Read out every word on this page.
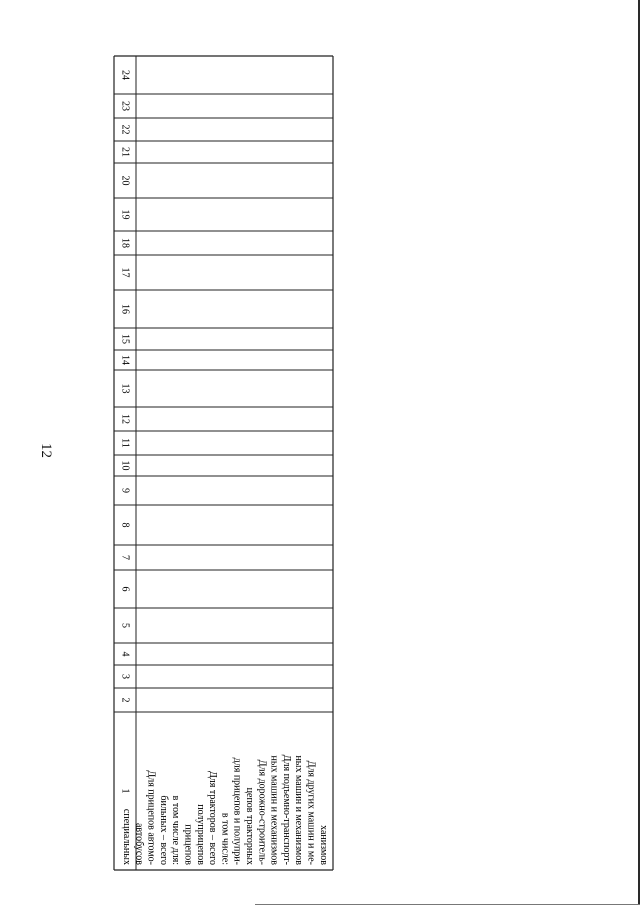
12
1
2
3
4
5
6
7
8
9
10
11
12
13
14
15
16
17
18
19
20
21
22
23
24
специальных автобусов Для прицепов автомо- бильных – всего в том числе для: прицепов полуприцепов Для тракторов – всего в том числе: для прицепов и полупри- цепов тракторных Для дорожно-строитель- ных машин и механизмов Для подъемно-транспорт- ных машин и механизмов Для других машин и ме- ханизмов
